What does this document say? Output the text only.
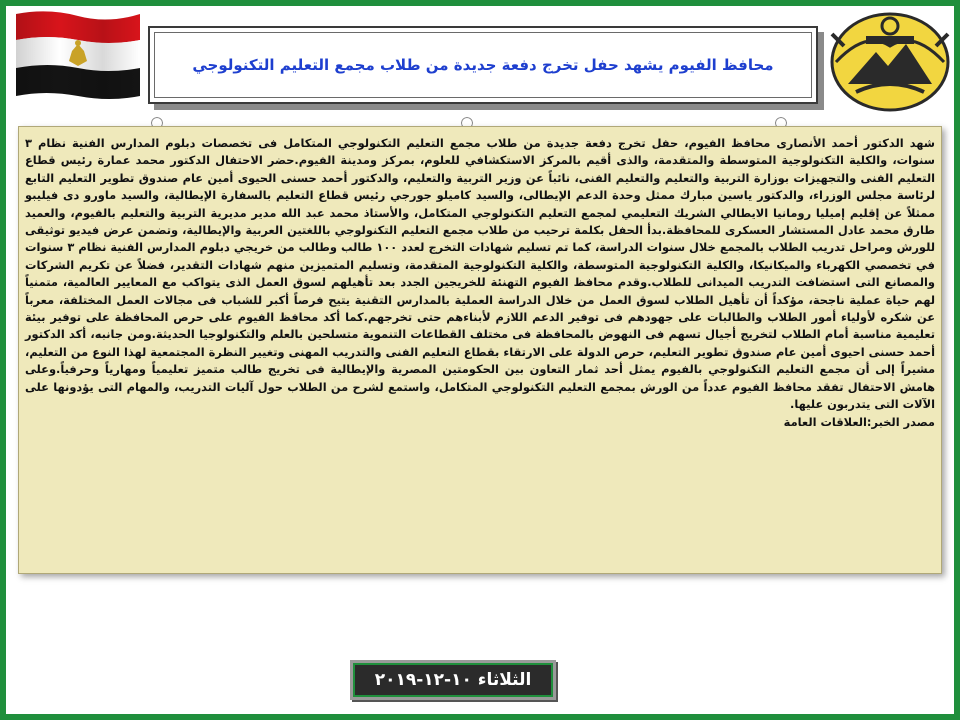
محافظ الفيوم يشهد حفل تخرج دفعة جديدة من طلاب مجمع التعليم التكنولوجي

شهد الدكتور أحمد الأنصارى محافظ الفيوم، حفل تخرج دفعة جديدة من طلاب مجمع التعليم التكنولوجي المتكامل فى تخصصات دبلوم المدارس الفنية نظام ٣ سنوات، والكلية التكنولوجية المتوسطة والمتقدمة، والذى أقيم بالمركز الاستكشافي للعلوم، بمركز ومدينة الفيوم.حضر الاحتفال الدكتور محمد عمارة رئيس قطاع التعليم الفنى والتجهيزات بوزارة التربية والتعليم والتعليم الفنى، نائباً عن وزير التربية والتعليم، والدكتور أحمد حسنى الحيوى أمين عام صندوق تطوير التعليم التابع لرئاسة مجلس الوزراء، والدكتور ياسين مبارك ممثل وحدة الدعم الإيطالى، والسيد كاميلو جورجي رئيس قطاع التعليم بالسفارة الإيطالية، والسيد ماورو دى فيليبو ممثلاً عن إقليم إميليا رومانيا الايطالي الشريك التعليمي لمجمع التعليم التكنولوجي المتكامل، والأستاذ محمد عبد الله مدير مديرية التربية والتعليم بالفيوم، والعميد طارق محمد عادل المستشار العسكرى للمحافظة.بدأ الحفل بكلمة ترحيب من طلاب مجمع التعليم التكنولوجي باللغتين العربية والإيطالية، وتضمن عرض فيديو توثيقى للورش ومراحل تدريب الطلاب بالمجمع خلال سنوات الدراسة، كما تم تسليم شهادات التخرج لعدد ١٠٠ طالب وطالب من خريجي دبلوم المدارس الفنية نظام ٣ سنوات في تخصصي الكهرباء والميكانيكا، والكلية التكنولوجية المتوسطة، والكلية التكنولوجية المتقدمة، وتسليم المتميزين منهم شهادات التقدير، فضلاً عن تكريم الشركات والمصانع التى استضافت التدريب الميدانى للطلاب.وقدم محافظ الفيوم التهنئة للخريجين الجدد بعد تأهيلهم لسوق العمل الذى يتواكب مع المعايير العالمية، متمنياً لهم حياة عملية ناجحة، مؤكداً أن تأهيل الطلاب لسوق العمل من خلال الدراسة العملية بالمدارس التقنية يتيح فرصاً أكبر للشباب فى مجالات العمل المختلفة، معرباً عن شكره لأولياء أمور الطلاب والطالبات على جهودهم فى توفير الدعم اللازم لأبناءهم حتى تخرجهم.كما أكد محافظ الفيوم على حرص المحافظة على توفير بيئة تعليمية مناسبة أمام الطلاب لتخريج أجيال تسهم فى النهوض بالمحافظة فى مختلف القطاعات التنموية متسلحين بالعلم والتكنولوجيا الحديثة.ومن جانبه، أكد الدكتور أحمد حسنى احيوى أمين عام صندوق تطوير التعليم، حرص الدولة على الارتقاء بقطاع التعليم الفنى والتدريب المهنى وتغيير النظرة المجتمعية لهذا النوع من التعليم، مشيراً إلى أن مجمع التعليم التكنولوجي بالفيوم يمثل أحد ثمار التعاون بين الحكومتين المصرية والإيطالية فى تخريج طالب متميز تعليمياً ومهارياً وحرفياً.وعلى هامش الاحتفال تفقد محافظ الفيوم عدداً من الورش بمجمع التعليم التكنولوجي المتكامل، واستمع لشرح من الطلاب حول آليات التدريب، والمهام التى يؤدونها على الآلات التى يتدربون عليها.
مصدر الخبر:العلاقات العامة

الثلاثاء ١٠-١٢-٢٠١٩
